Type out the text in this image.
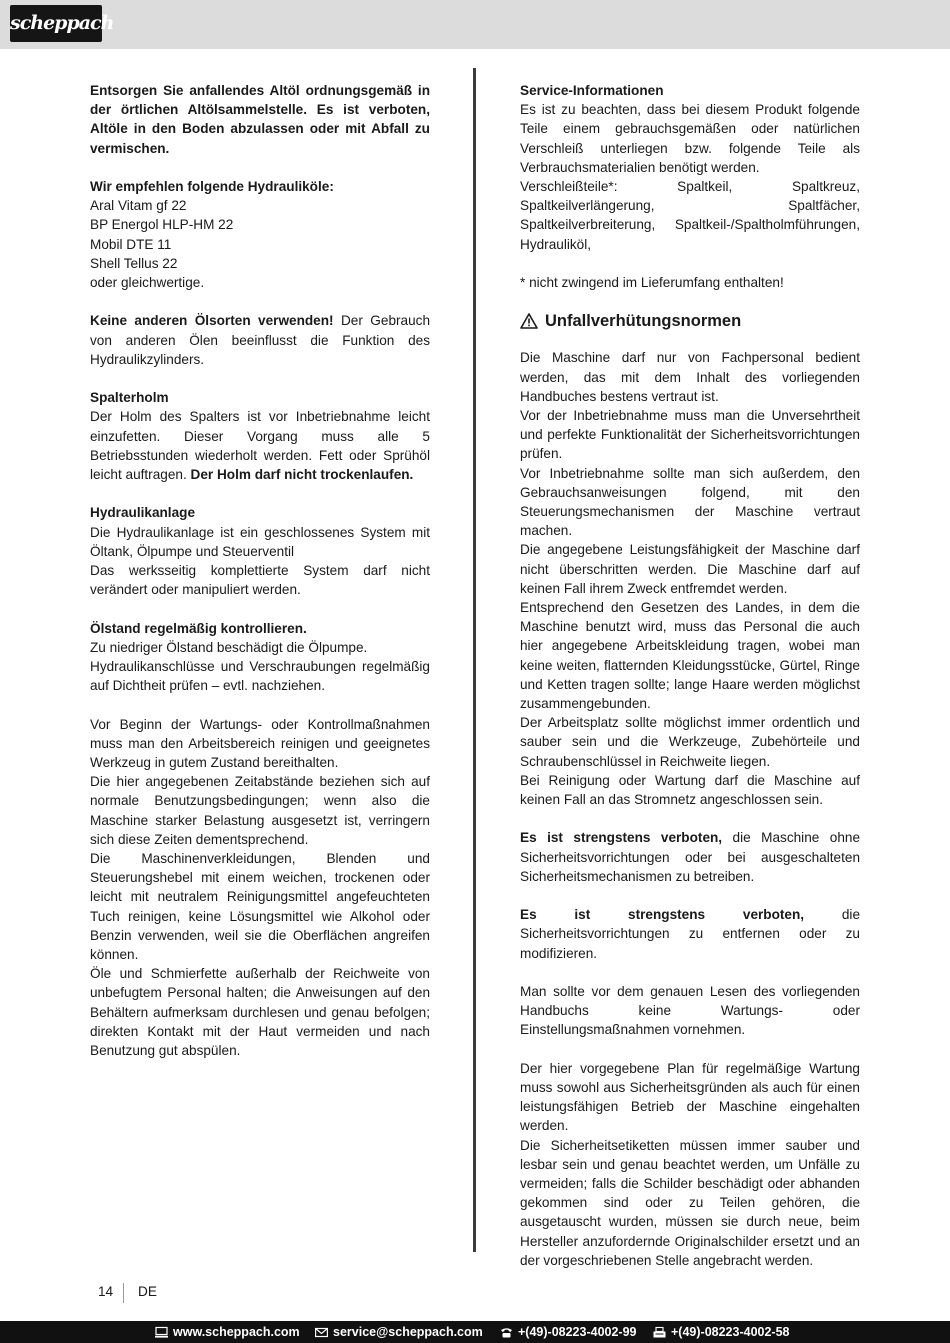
scheppach

Entsorgen Sie anfallendes Altöl ordnungsgemäß in der örtlichen Altölsammelstelle. Es ist verboten, Altöle in den Boden abzulassen oder mit Abfall zu vermischen.

Wir empfehlen folgende Hydrauliköle:
Aral Vitam gf 22
BP Energol HLP-HM 22
Mobil DTE 11
Shell Tellus 22
oder gleichwertige.

Keine anderen Ölsorten verwenden! Der Gebrauch von anderen Ölen beeinflusst die Funktion des Hydraulikzylinders.

Spalterholm
Der Holm des Spalters ist vor Inbetriebnahme leicht einzufetten. Dieser Vorgang muss alle 5 Betriebsstunden wiederholt werden. Fett oder Sprühöl leicht auftragen. Der Holm darf nicht trockenlaufen.

Hydraulikanlage
Die Hydraulikanlage ist ein geschlossenes System mit Öltank, Ölpumpe und Steuerventil
Das werksseitig komplettierte System darf nicht verändert oder manipuliert werden.
Ölstand regelmäßig kontrollieren.
Zu niedriger Ölstand beschädigt die Ölpumpe.
Hydraulikanschlüsse und Verschraubungen regelmäßig auf Dichtheit prüfen – evtl. nachziehen.
Vor Beginn der Wartungs- oder Kontrollmaßnahmen muss man den Arbeitsbereich reinigen und geeignetes Werkzeug in gutem Zustand bereithalten.
Die hier angegebenen Zeitabstände beziehen sich auf normale Benutzungsbedingungen; wenn also die Maschine starker Belastung ausgesetzt ist, verringern sich diese Zeiten dementsprechend.
Die Maschinenverkleidungen, Blenden und Steuerungshebel mit einem weichen, trockenen oder leicht mit neutralem Reinigungsmittel angefeuchteten Tuch reinigen, keine Lösungsmittel wie Alkohol oder Benzin verwenden, weil sie die Oberflächen angreifen können.
Öle und Schmierfette außerhalb der Reichweite von unbefugtem Personal halten; die Anweisungen auf den Behältern aufmerksam durchlesen und genau befolgen; direkten Kontakt mit der Haut vermeiden und nach Benutzung gut abspülen.
Service-Informationen
Es ist zu beachten, dass bei diesem Produkt folgende Teile einem gebrauchsgemäßen oder natürlichen Verschleiß unterliegen bzw. folgende Teile als Verbrauchsmaterialien benötigt werden.
Verschleißteile*: Spaltkeil, Spaltkreuz, Spaltkeilverlängerung, Spaltfächer, Spaltkeilverbreiterung, Spaltkeil-/Spaltholmführungen, Hydrauliköl,

* nicht zwingend im Lieferumfang enthalten!

Unfallverhütungsnormen
Die Maschine darf nur von Fachpersonal bedient werden, das mit dem Inhalt des vorliegenden Handbuches bestens vertraut ist.
Vor der Inbetriebnahme muss man die Unversehrtheit und perfekte Funktionalität der Sicherheitsvorrichtungen prüfen.
Vor Inbetriebnahme sollte man sich außerdem, den Gebrauchsanweisungen folgend, mit den Steuerungsmechanismen der Maschine vertraut machen.
Die angegebene Leistungsfähigkeit der Maschine darf nicht überschritten werden. Die Maschine darf auf keinen Fall ihrem Zweck entfremdet werden.
Entsprechend den Gesetzen des Landes, in dem die Maschine benutzt wird, muss das Personal die auch hier angegebene Arbeitskleidung tragen, wobei man keine weiten, flatternden Kleidungsstücke, Gürtel, Ringe und Ketten tragen sollte; lange Haare werden möglichst zusammengebunden.
Der Arbeitsplatz sollte möglichst immer ordentlich und sauber sein und die Werkzeuge, Zubehörteile und Schraubenschlüssel in Reichweite liegen.
Bei Reinigung oder Wartung darf die Maschine auf keinen Fall an das Stromnetz angeschlossen sein.

Es ist strengstens verboten, die Maschine ohne Sicherheitsvorrichtungen oder bei ausgeschalteten Sicherheitsmechanismen zu betreiben.

Es ist strengstens verboten, die Sicherheitsvorrichtungen zu entfernen oder zu modifizieren.

Man sollte vor dem genauen Lesen des vorliegenden Handbuchs keine Wartungs- oder Einstellungsmaßnahmen vornehmen.

Der hier vorgegebene Plan für regelmäßige Wartung muss sowohl aus Sicherheitsgründen als auch für einen leistungsfähigen Betrieb der Maschine eingehalten werden.
Die Sicherheitsetiketten müssen immer sauber und lesbar sein und genau beachtet werden, um Unfälle zu vermeiden; falls die Schilder beschädigt oder abhanden gekommen sind oder zu Teilen gehören, die ausgetauscht wurden, müssen sie durch neue, beim Hersteller anzufordernde Originalschilder ersetzt und an der vorgeschriebenen Stelle angebracht werden.
14	DE
www.scheppach.com	service@scheppach.com	+(49)-08223-4002-99	+(49)-08223-4002-58
